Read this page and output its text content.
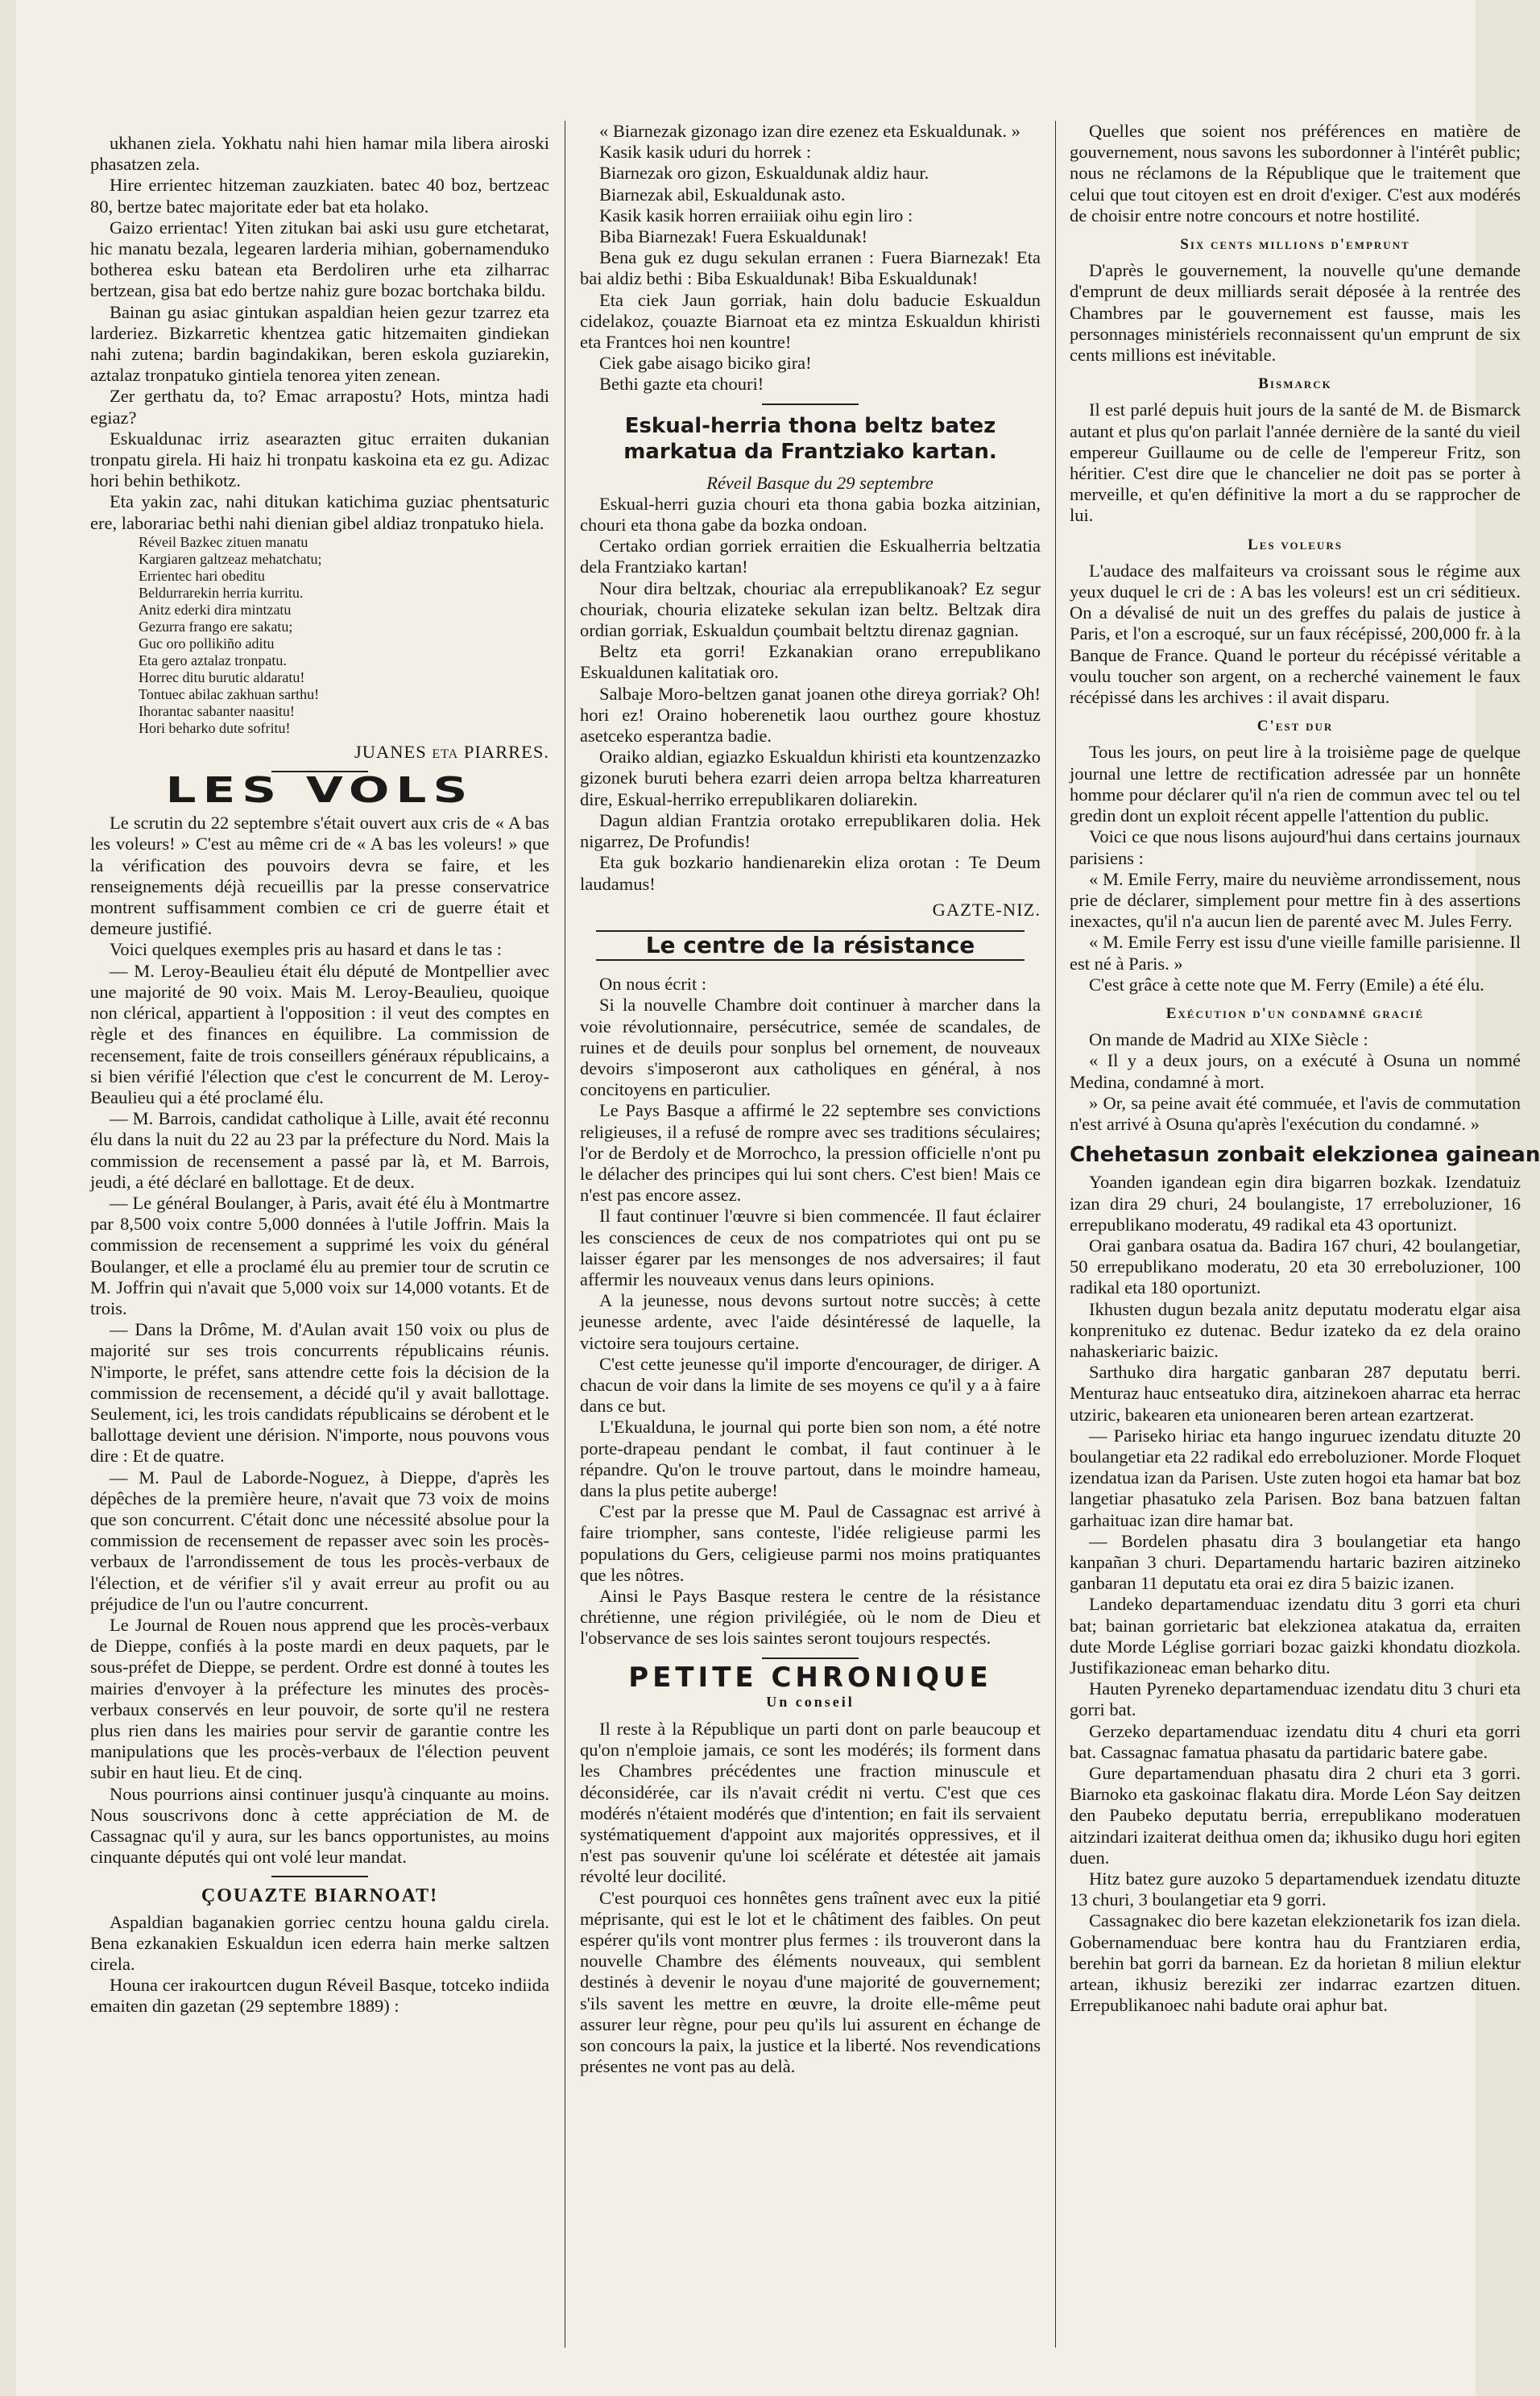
ukhanen ziela. Yokhatu nahi hien hamar mila libera airoski phasatzen zela.

Hire errientec hitzeman zauzkiaten. batec 40 boz, bertzeac 80, bertze batec majoritate eder bat eta holako.

Gaizo errientac! Yiten zitukan bai aski usu gure etchetarat, hic manatu bezala, legearen larderia mihian, gobernamenduko botherea esku batean eta Berdoliren urhe eta zilharrac bertzean, gisa bat edo bertze nahiz gure bozac bortchaka bildu.

Bainan gu asiac gintukan aspaldian heien gezur tzarrez eta larderiez. Bizkarretic khentzea gatic hitzemaiten gindiekan nahi zutena; bardin bagindakikan, beren eskola guziarekin, aztalaz tronpatuko gintiela tenorea yiten zenean.

Zer gerthatu da, to? Emac arrapostu? Hots, mintza hadi egiaz?

Eskualdunac irriz asearazten gituc erraiten dukanian tronpatu girela. Hi haiz hi tronpatu kaskoina eta ez gu. Adizac hori behin bethikotz.

Eta yakin zac, nahi ditukan katichima guziac phentsaturic ere, laborariac bethi nahi dienian gibel aldiaz tronpatuko hiela.

Réveil Bazkec zituen manatu
Kargiaren galtzeaz mehatchatu;
Errientec hari obeditu
Beldurrarekin herria kurritu.
Anitz ederki dira mintzatu
Gezurra frango ere sakatu;
Guc oro pollikiño aditu
Eta gero aztalaz tronpatu.
Horrec ditu burutic aldaratu!
Tontuec abilac zakhuan sarthu!
Ihorantac sabanter naasitu!
Hori beharko dute sofritu!

JUANES eta PIARRES.

LES VOLS

Le scrutin du 22 septembre s'était ouvert aux cris de « A bas les voleurs! » C'est au même cri de « A bas les voleurs! » que la vérification des pouvoirs devra se faire, et les renseignements déjà recueillis par la presse conservatrice montrent suffisamment combien ce cri de guerre était et demeure justifié.

Voici quelques exemples pris au hasard et dans le tas :

— M. Leroy-Beaulieu était élu député de Montpellier avec une majorité de 90 voix. Mais M. Leroy-Beaulieu, quoique non clérical, appartient à l'opposition : il veut des comptes en règle et des finances en équilibre. La commission de recensement, faite de trois conseillers généraux républicains, a si bien vérifié l'élection que c'est le concurrent de M. Leroy-Beaulieu qui a été proclamé élu.

— M. Barrois, candidat catholique à Lille, avait été reconnu élu dans la nuit du 22 au 23 par la préfecture du Nord. Mais la commission de recensement a passé par là, et M. Barrois, jeudi, a été déclaré en ballottage. Et de deux.

— Le général Boulanger, à Paris, avait été élu à Montmartre par 8,500 voix contre 5,000 données à l'utile Joffrin. Mais la commission de recensement a supprimé les voix du général Boulanger, et elle a proclamé élu au premier tour de scrutin ce M. Joffrin qui n'avait que 5,000 voix sur 14,000 votants. Et de trois.

— Dans la Drôme, M. d'Aulan avait 150 voix ou plus de majorité sur ses trois concurrents républicains réunis. N'importe, le préfet, sans attendre cette fois la décision de la commission de recensement, a décidé qu'il y avait ballottage. Seulement, ici, les trois candidats républicains se dérobent et le ballottage devient une dérision. N'importe, nous pouvons vous dire : Et de quatre.

— M. Paul de Laborde-Noguez, à Dieppe, d'après les dépêches de la première heure, n'avait que 73 voix de moins que son concurrent. C'était donc une nécessité absolue pour la commission de recensement de repasser avec soin les procès-verbaux de l'arrondissement de tous les procès-verbaux de l'élection, et de vérifier s'il y avait erreur au profit ou au préjudice de l'un ou l'autre concurrent.

Le Journal de Rouen nous apprend que les procès-verbaux de Dieppe, confiés à la poste mardi en deux paquets, par le sous-préfet de Dieppe, se perdent. Ordre est donné à toutes les mairies d'envoyer à la préfecture les minutes des procès-verbaux conservés en leur pouvoir, de sorte qu'il ne restera plus rien dans les mairies pour servir de garantie contre les manipulations que les procès-verbaux de l'élection peuvent subir en haut lieu. Et de cinq.

Nous pourrions ainsi continuer jusqu'à cinquante au moins. Nous souscrivons donc à cette appréciation de M. de Cassagnac qu'il y aura, sur les bancs opportunistes, au moins cinquante députés qui ont volé leur mandat.

ÇOUAZTE BIARNOAT!

Aspaldian baganakien gorriec centzu houna galdu cirela. Bena ezkanakien Eskualdun icen ederra hain merke saltzen cirela.

Houna cer irakourtcen dugun Réveil Basque, totceko indiida emaiten din gazetan (29 septembre 1889) :

« Biarnezak gizonago izan dire ezenez eta Eskualdunak. »

Kasik kasik uduri du horrek :

Biarnezak oro gizon, Eskualdunak aldiz haur.

Biarnezak abil, Eskualdunak asto.

Kasik kasik horren erraiiiak oihu egin liro :

Biba Biarnezak! Fuera Eskualdunak!

Bena guk ez dugu sekulan erranen : Fuera Biarnezak! Eta bai aldiz bethi : Biba Eskualdunak! Biba Eskualdunak!

Eta ciek Jaun gorriak, hain dolu baducie Eskualdun cidelakoz, çouazte Biarnoat eta ez mintza Eskualdun khiristi eta Frantces hoi nen kountre!

Ciek gabe aisago biciko gira!

Bethi gazte eta chouri!

Eskual-herria thona beltz batez markatua da Frantziako kartan.

Réveil Basque du 29 septembre

Eskual-herri guzia chouri eta thona gabia bozka aitzinian, chouri eta thona gabe da bozka ondoan.

Certako ordian gorriek erraitien die Eskualherria beltzatia dela Frantziako kartan!

Nour dira beltzak, chouriac ala errepublikanoak? Ez segur chouriak, chouria elizateke sekulan izan beltz. Beltzak dira ordian gorriak, Eskualdun çoumbait beltztu direnaz gagnian.

Beltz eta gorri! Ezkanakian orano errepublikano Eskualdunen kalitatiak oro.

Salbaje Moro-beltzen ganat joanen othe direya gorriak? Oh! hori ez! Oraino hoberenetik laou ourthez goure khostuz asetceko esperantza badie.

Oraiko aldian, egiazko Eskualdun khiristi eta kountzenzazko gizonek buruti behera ezarri deien arropa beltza kharreaturen dire, Eskual-herriko errepublikaren doliarekin.

Dagun aldian Frantzia orotako errepublikaren dolia. Hek nigarrez, De Profundis!

Eta guk bozkario handienarekin eliza orotan : Te Deum laudamus!

GAZTE-NIZ.

Le centre de la résistance

On nous écrit :

Si la nouvelle Chambre doit continuer à marcher dans la voie révolutionnaire, persécutrice, semée de scandales, de ruines et de deuils pour sonplus bel ornement, de nouveaux devoirs s'imposeront aux catholiques en général, à nos concitoyens en particulier.

Le Pays Basque a affirmé le 22 septembre ses convictions religieuses, il a refusé de rompre avec ses traditions séculaires; l'or de Berdoly et de Morrochco, la pression officielle n'ont pu le délacher des principes qui lui sont chers. C'est bien! Mais ce n'est pas encore assez.

Il faut continuer l'œuvre si bien commencée. Il faut éclairer les consciences de ceux de nos compatriotes qui ont pu se laisser égarer par les mensonges de nos adversaires; il faut affermir les nouveaux venus dans leurs opinions.

A la jeunesse, nous devons surtout notre succès; à cette jeunesse ardente, avec l'aide désintéressé de laquelle, la victoire sera toujours certaine.

C'est cette jeunesse qu'il importe d'encourager, de diriger. A chacun de voir dans la limite de ses moyens ce qu'il y a à faire dans ce but.

L'Ekualduna, le journal qui porte bien son nom, a été notre porte-drapeau pendant le combat, il faut continuer à le répandre. Qu'on le trouve partout, dans le moindre hameau, dans la plus petite auberge!

C'est par la presse que M. Paul de Cassagnac est arrivé à faire triompher, sans conteste, l'idée religieuse parmi les populations du Gers, celigieuse parmi nos moins pratiquantes que les nôtres.

Ainsi le Pays Basque restera le centre de la résistance chrétienne, une région privilégiée, où le nom de Dieu et l'observance de ses lois saintes seront toujours respectés.

PETITE CHRONIQUE
Un conseil

Il reste à la République un parti dont on parle beaucoup et qu'on n'emploie jamais, ce sont les modérés; ils forment dans les Chambres précédentes une fraction minuscule et déconsidérée, car ils n'avait crédit ni vertu. C'est que ces modérés n'étaient modérés que d'intention; en fait ils servaient systématiquement d'appoint aux majorités oppressives, et il n'est pas souvenir qu'une loi scélérate et détestée ait jamais révolté leur docilité.

C'est pourquoi ces honnêtes gens traînent avec eux la pitié méprisante, qui est le lot et le châtiment des faibles. On peut espérer qu'ils vont montrer plus fermes : ils trouveront dans la nouvelle Chambre des éléments nouveaux, qui semblent destinés à devenir le noyau d'une majorité de gouvernement; s'ils savent les mettre en œuvre, la droite elle-même peut assurer leur règne, pour peu qu'ils lui assurent en échange de son concours la paix, la justice et la liberté. Nos revendications présentes ne vont pas au delà.

Quelles que soient nos préférences en matière de gouvernement, nous savons les subordonner à l'intérêt public; nous ne réclamons de la République que le traitement que celui que tout citoyen est en droit d'exiger. C'est aux modérés de choisir entre notre concours et notre hostilité.

Six cents millions d'emprunt

D'après le gouvernement, la nouvelle qu'une demande d'emprunt de deux milliards serait déposée à la rentrée des Chambres par le gouvernement est fausse, mais les personnages ministériels reconnaissent qu'un emprunt de six cents millions est inévitable.

Bismarck

Il est parlé depuis huit jours de la santé de M. de Bismarck autant et plus qu'on parlait l'année dernière de la santé du vieil empereur Guillaume ou de celle de l'empereur Fritz, son héritier. C'est dire que le chancelier ne doit pas se porter à merveille, et qu'en définitive la mort a du se rapprocher de lui.

Les voleurs

L'audace des malfaiteurs va croissant sous le régime aux yeux duquel le cri de : A bas les voleurs! est un cri séditieux. On a dévalisé de nuit un des greffes du palais de justice à Paris, et l'on a escroqué, sur un faux récépissé, 200,000 fr. à la Banque de France. Quand le porteur du récépissé véritable a voulu toucher son argent, on a recherché vainement le faux récépissé dans les archives : il avait disparu.

C'est dur

Tous les jours, on peut lire à la troisième page de quelque journal une lettre de rectification adressée par un honnête homme pour déclarer qu'il n'a rien de commun avec tel ou tel gredin dont un exploit récent appelle l'attention du public.

Voici ce que nous lisons aujourd'hui dans certains journaux parisiens :

« M. Emile Ferry, maire du neuvième arrondissement, nous prie de déclarer, simplement pour mettre fin à des assertions inexactes, qu'il n'a aucun lien de parenté avec M. Jules Ferry.

« M. Emile Ferry est issu d'une vieille famille parisienne. Il est né à Paris. »

C'est grâce à cette note que M. Ferry (Emile) a été élu.

Exécution d'un condamné gracié

On mande de Madrid au XIXe Siècle :

« Il y a deux jours, on a exécuté à Osuna un nommé Medina, condamné à mort.

» Or, sa peine avait été commuée, et l'avis de commutation n'est arrivé à Osuna qu'après l'exécution du condamné. »

Chehetasun zonbait elekzionea gainean

Yoanden igandean egin dira bigarren bozkak. Izendatuiz izan dira 29 churi, 24 boulangiste, 17 erreboluzioner, 16 errepublikano moderatu, 49 radikal eta 43 oportunizt.

Orai ganbara osatua da. Badira 167 churi, 42 boulangetiar, 50 errepublikano moderatu, 20 eta 30 erreboluzioner, 100 radikal eta 180 oportunizt.

Ikhusten dugun bezala anitz deputatu moderatu elgar aisa konprenituko ez dutenac. Bedur izateko da ez dela oraino nahaskeriaric baizic.

Sarthuko dira hargatic ganbaran 287 deputatu berri. Menturaz hauc entseatuko dira, aitzinekoen aharrac eta herrac utziric, bakearen eta unionearen beren artean ezartzerat.

— Pariseko hiriac eta hango inguruec izendatu dituzte 20 boulangetiar eta 22 radikal edo erreboluzioner. Morde Floquet izendatua izan da Parisen. Uste zuten hogoi eta hamar bat boz langetiar phasatuko zela Parisen. Boz bana batzuen faltan garhaituac izan dire hamar bat.

— Bordelen phasatu dira 3 boulangetiar eta hango kanpañan 3 churi. Departamendu hartaric baziren aitzineko ganbaran 11 deputatu eta orai ez dira 5 baizic izanen.

Landeko departamenduac izendatu ditu 3 gorri eta churi bat; bainan gorrietaric bat elekzionea atakatua da, erraiten dute Morde Léglise gorriari bozac gaizki khondatu diozkola. Justifikazioneac eman beharko ditu.

Hauten Pyreneko departamenduac izendatu ditu 3 churi eta gorri bat.

Gerzeko departamenduac izendatu ditu 4 churi eta gorri bat. Cassagnac famatua phasatu da partidaric batere gabe.

Gure departamenduan phasatu dira 2 churi eta 3 gorri. Biarnoko eta gaskoinac flakatu dira. Morde Léon Say deitzen den Paubeko deputatu berria, errepublikano moderatuen aitzindari izaiterat deithua omen da; ikhusiko dugu hori egiten duen.

Hitz batez gure auzoko 5 departamenduek izendatu dituzte 13 churi, 3 boulangetiar eta 9 gorri.

Cassagnakec dio bere kazetan elekzionetarik fos izan diela. Gobernamenduac bere kontra hau du Frantziaren erdia, berehin bat gorri da barnean. Ez da horietan 8 miliun elektur artean, ikhusiz bereziki zer indarrac ezartzen dituen. Errepublikanoec nahi badute orai aphur bat.
